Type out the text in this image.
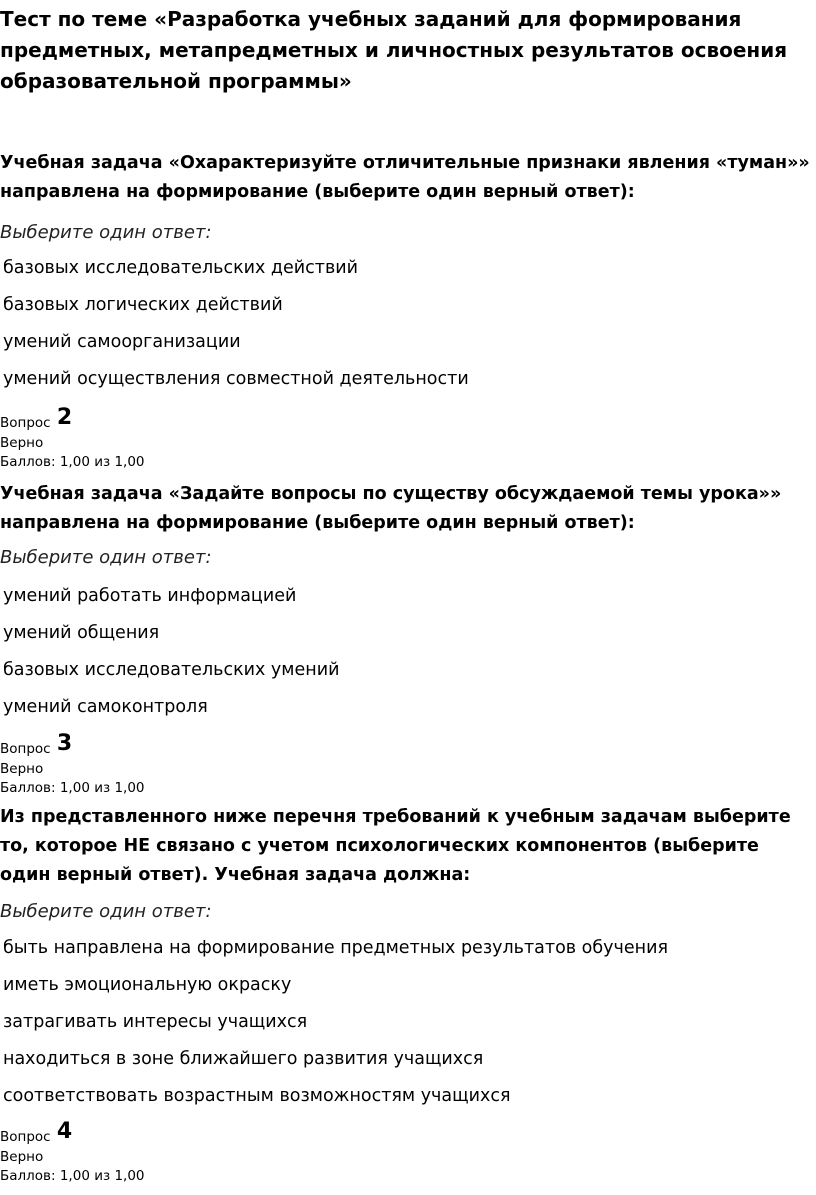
Тест по теме «Разработка учебных заданий для формирования предметных, метапредметных и личностных результатов освоения образовательной программы»
Учебная задача «Охарактеризуйте отличительные признаки явления «туман»» направлена на формирование (выберите один верный ответ):
Выберите один ответ:
базовых исследовательских действий
базовых логических действий
умений самоорганизации
умений осуществления совместной деятельности
Вопрос 2
Верно
Баллов: 1,00 из 1,00
Учебная задача «Задайте вопросы по существу обсуждаемой темы урока»» направлена на формирование (выберите один верный ответ):
Выберите один ответ:
умений работать информацией
умений общения
базовых исследовательских умений
умений самоконтроля
Вопрос 3
Верно
Баллов: 1,00 из 1,00
Из представленного ниже перечня требований к учебным задачам выберите то, которое НЕ связано с учетом психологических компонентов (выберите один верный ответ). Учебная задача должна:
Выберите один ответ:
быть направлена на формирование предметных результатов обучения
иметь эмоциональную окраску
затрагивать интересы учащихся
находиться в зоне ближайшего развития учащихся
соответствовать возрастным возможностям учащихся
Вопрос 4
Верно
Баллов: 1,00 из 1,00
